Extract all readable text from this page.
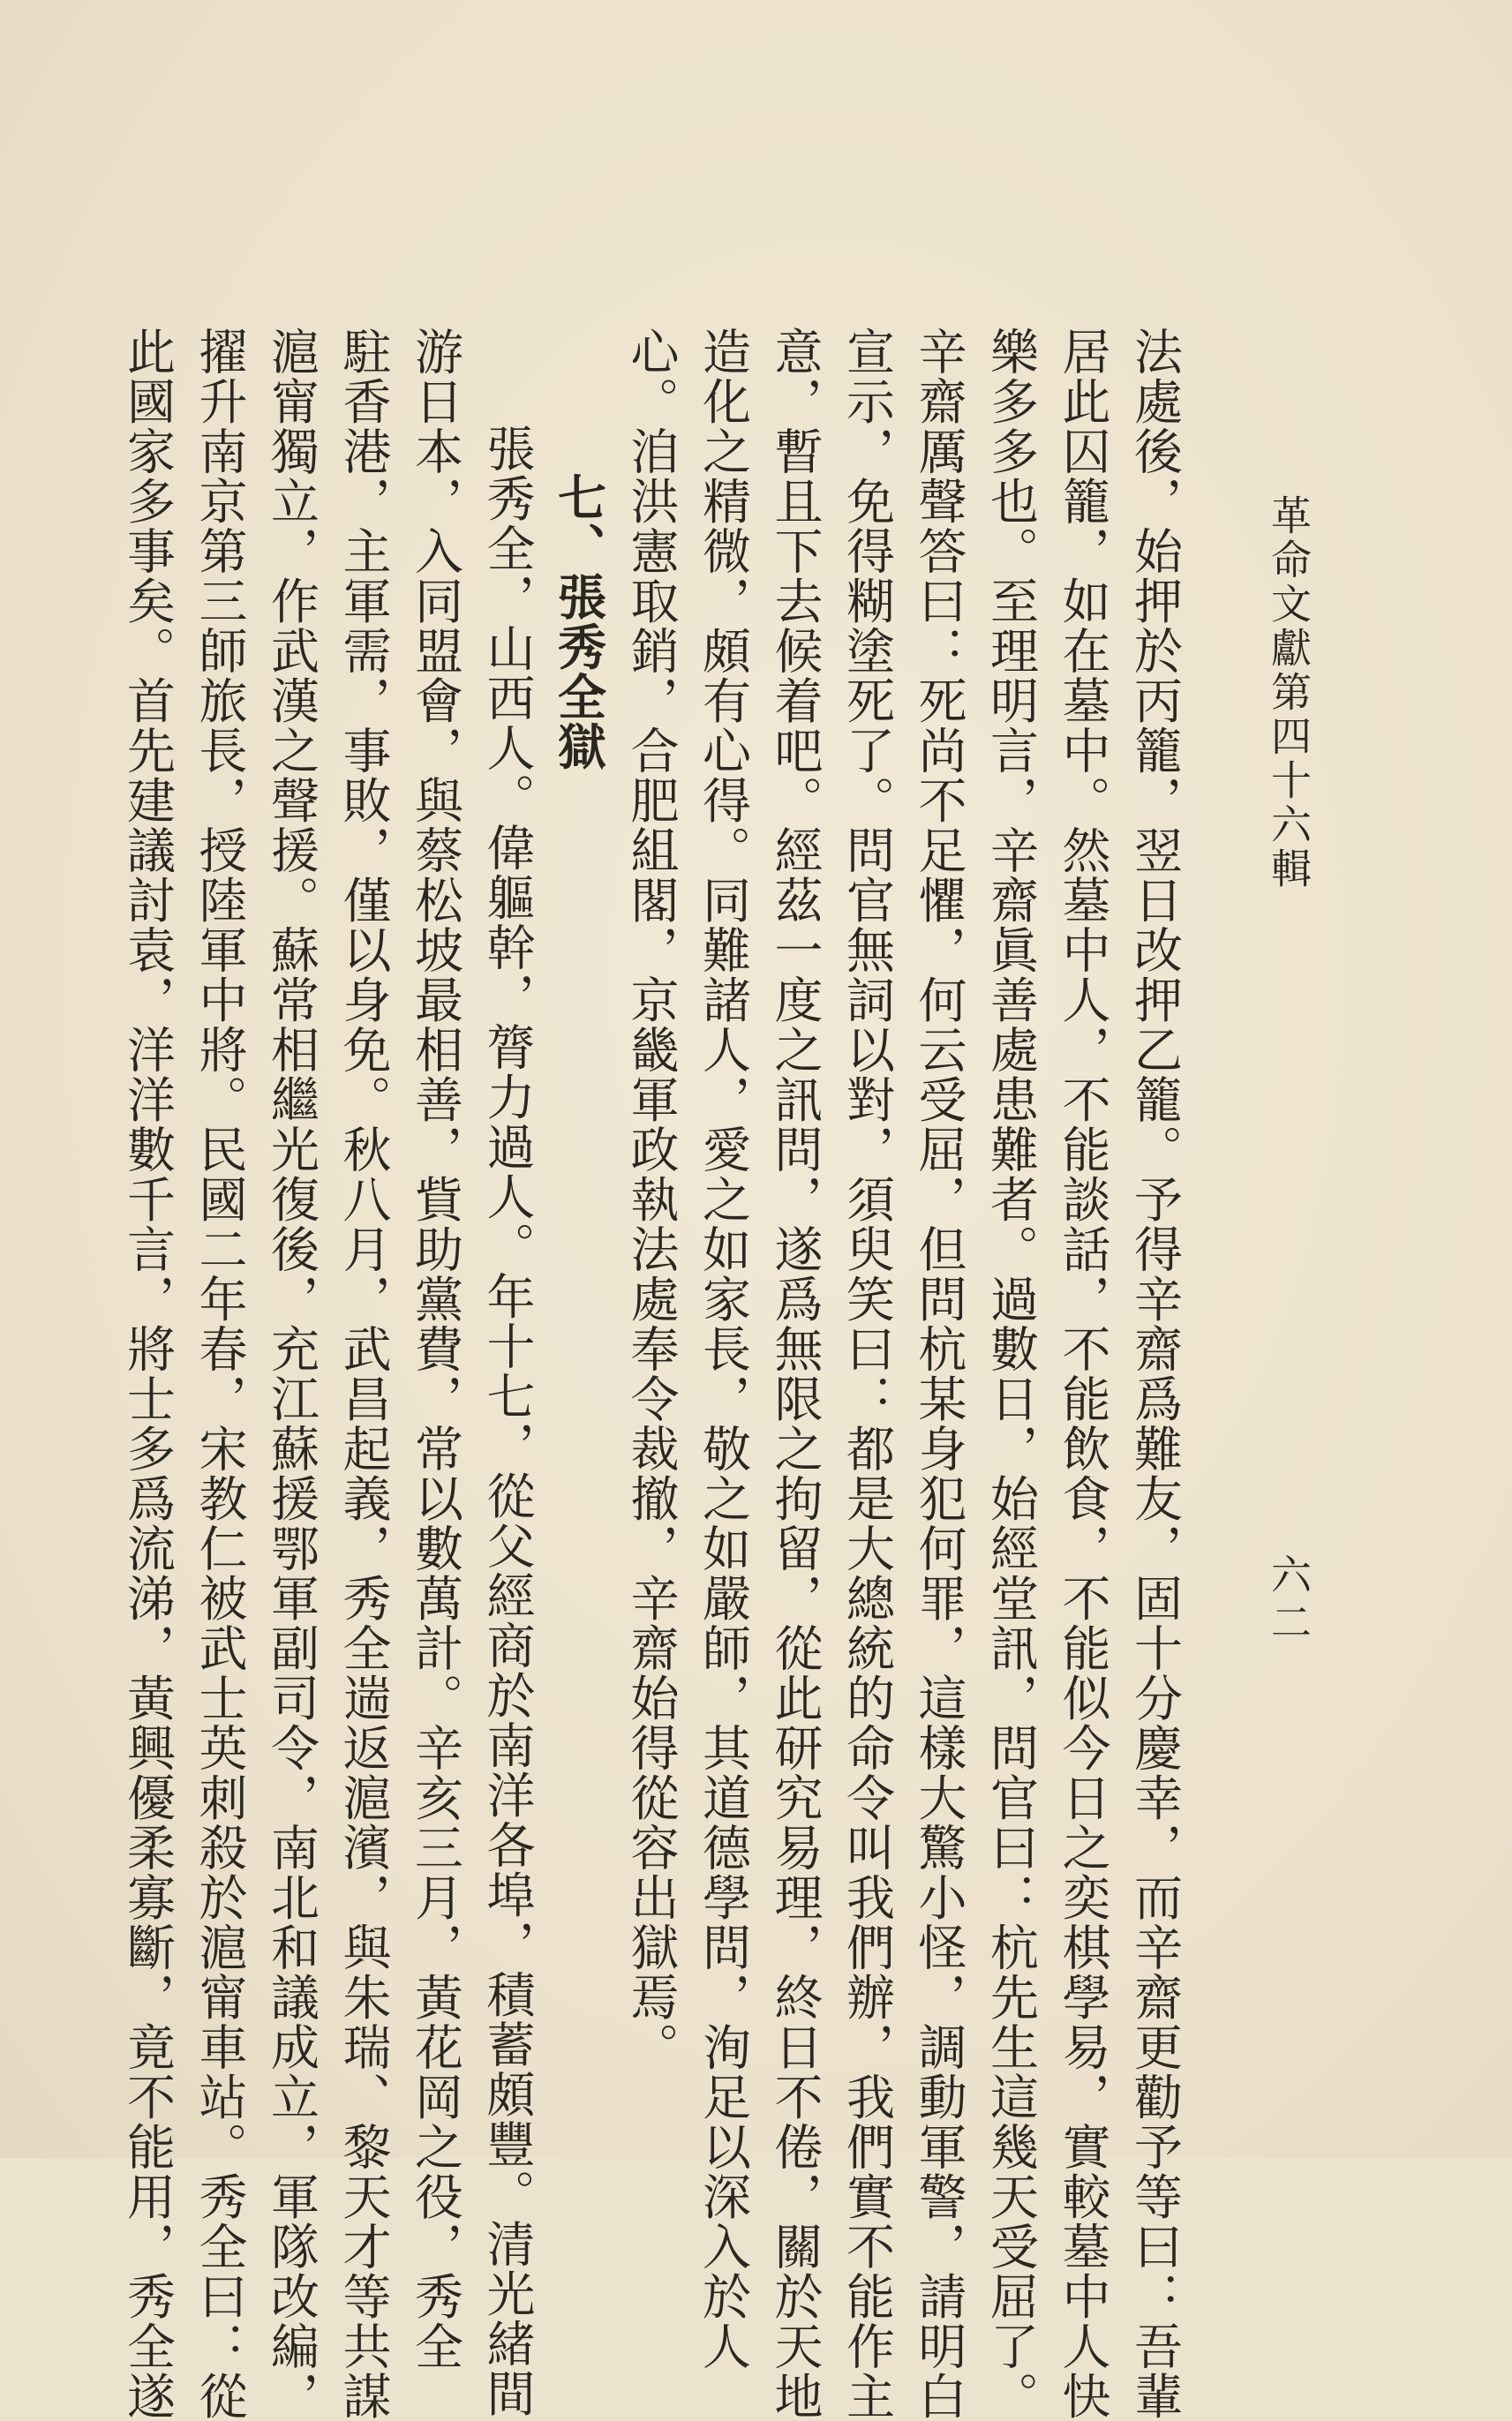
革命文獻第四十六輯
六二
法處後，始押於丙籠，翌日改押乙籠。予得辛齋爲難友，固十分慶幸，而辛齋更勸予等曰：吾輩
居此囚籠，如在墓中。然墓中人，不能談話，不能飲食，不能似今日之奕棋學易，實較墓中人快
樂多多也。至理明言，辛齋眞善處患難者。過數日，始經堂訊，問官曰：杭先生這幾天受屈了。
辛齋厲聲答曰：死尚不足懼，何云受屈，但問杭某身犯何罪，這樣大驚小怪，調動軍警，請明白
宣示，免得糊塗死了。問官無詞以對，須臾笑曰：都是大總統的命令叫我們辦，我們實不能作主
意，暫且下去候着吧。經茲一度之訊問，遂爲無限之拘留，從此研究易理，終日不倦，關於天地
造化之精微，頗有心得。同難諸人，愛之如家長，敬之如嚴師，其道德學問，洵足以深入於人
心。洎洪憲取銷，合肥組閣，京畿軍政執法處奉令裁撤，辛齋始得從容出獄焉。
七、張秀全獄
張秀全，山西人。偉軀幹，膂力過人。年十七，從父經商於南洋各埠，積蓄頗豐。清光緒間
游日本，入同盟會，與蔡松坡最相善，貲助黨費，常以數萬計。辛亥三月，黃花岡之役，秀全
駐香港，主軍需，事敗，僅以身免。秋八月，武昌起義，秀全遄返滬濱，與朱瑞、黎天才等共謀
滬甯獨立，作武漢之聲援。蘇常相繼光復後，充江蘇援鄂軍副司令，南北和議成立，軍隊改編，
擢升南京第三師旅長，授陸軍中將。民國二年春，宋教仁被武士英刺殺於滬甯車站。秀全曰：從
此國家多事矣。首先建議討袁，洋洋數千言，將士多爲流涕，黃興優柔寡斷，竟不能用，秀全遂
